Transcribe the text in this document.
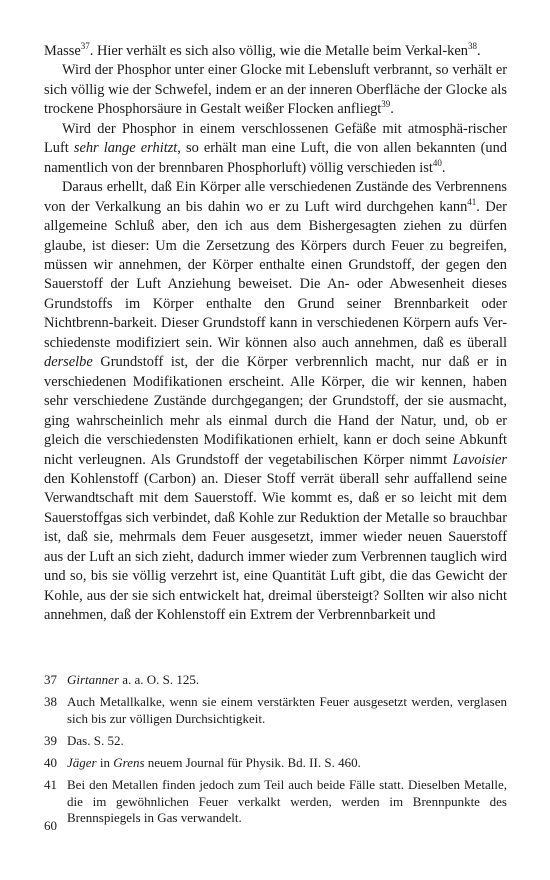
Masse$^{37}$. Hier verhält es sich also völlig, wie die Metalle beim Verkal-ken$^{38}$.

Wird der Phosphor unter einer Glocke mit Lebensluft verbrannt, so verhält er sich völlig wie der Schwefel, indem er an der inneren Oberfläche der Glocke als trockene Phosphorsäure in Gestalt weißer Flocken anfliegt$^{39}$.

Wird der Phosphor in einem verschlossenen Gefäße mit atmosphä-rischer Luft sehr lange erhitzt, so erhält man eine Luft, die von allen bekannten (und namentlich von der brennbaren Phosphorluft) völlig verschieden ist$^{40}$.

Daraus erhellt, daß Ein Körper alle verschiedenen Zustände des Verbrennens von der Verkalkung an bis dahin wo er zu Luft wird durchgehen kann$^{41}$. Der allgemeine Schluß aber, den ich aus dem Bishergesagten ziehen zu dürfen glaube, ist dieser: Um die Zersetzung des Körpers durch Feuer zu begreifen, müssen wir annehmen, der Körper enthalte einen Grundstoff, der gegen den Sauerstoff der Luft Anziehung beweiset. Die An- oder Abwesenheit dieses Grundstoffs im Körper enthalte den Grund seiner Brennbarkeit oder Nichtbrenn-barkeit. Dieser Grundstoff kann in verschiedenen Körpern aufs Ver-schiedenste modifiziert sein. Wir können also auch annehmen, daß es überall derselbe Grundstoff ist, der die Körper verbrennlich macht, nur daß er in verschiedenen Modifikationen erscheint. Alle Körper, die wir kennen, haben sehr verschiedene Zustände durchgegangen; der Grundstoff, der sie ausmacht, ging wahrscheinlich mehr als einmal durch die Hand der Natur, und, ob er gleich die verschiedensten Modifikationen erhielt, kann er doch seine Abkunft nicht verleugnen. Als Grundstoff der vegetabilischen Körper nimmt Lavoisier den Kohlenstoff (Carbon) an. Dieser Stoff verrät überall sehr auffallend seine Verwandtschaft mit dem Sauerstoff. Wie kommt es, daß er so leicht mit dem Sauerstoffgas sich verbindet, daß Kohle zur Reduktion der Metalle so brauchbar ist, daß sie, mehrmals dem Feuer ausgesetzt, immer wieder neuen Sauerstoff aus der Luft an sich zieht, dadurch immer wieder zum Verbrennen tauglich wird und so, bis sie völlig verzehrt ist, eine Quantität Luft gibt, die das Gewicht der Kohle, aus der sie sich entwickelt hat, dreimal übersteigt? Sollten wir also nicht annehmen, daß der Kohlenstoff ein Extrem der Verbrennbarkeit und

37 Girtanner a. a. O. S. 125.
38 Auch Metallkalke, wenn sie einem verstärkten Feuer ausgesetzt werden, verglasen sich bis zur völligen Durchsichtigkeit.
39 Das. S. 52.
40 Jäger in Grens neuem Journal für Physik. Bd. II. S. 460.
41 Bei den Metallen finden jedoch zum Teil auch beide Fälle statt. Dieselben Metalle, die im gewöhnlichen Feuer verkalkt werden, werden im Brennpunkte des Brennspiegels in Gas verwandelt.
60
